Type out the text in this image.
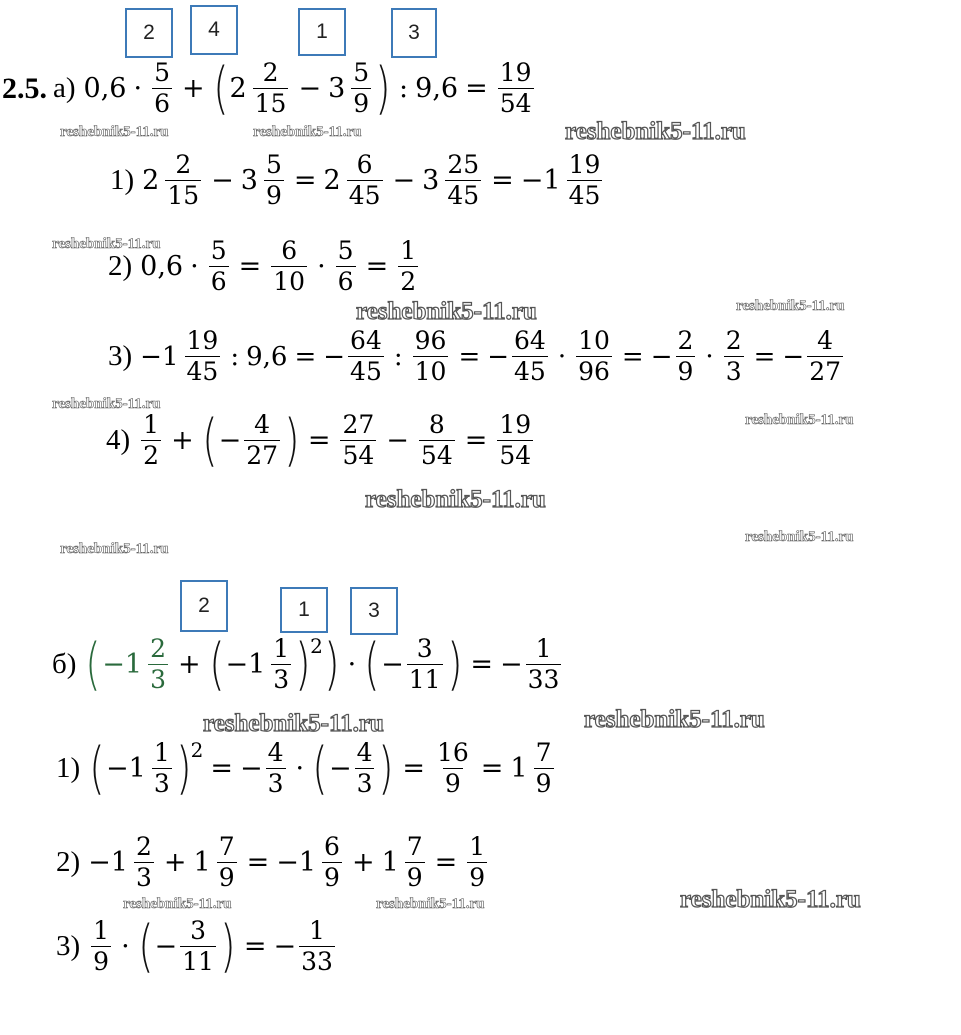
2	4	1	3
2	1	3
2.5. а) $0,6 \cdot \frac{5}{6}$ + ( $2 \frac{2}{15} - 3 \frac{5}{9}$ ) : $9,6 = \frac{19}{54}$
1) $2 \frac{2}{15} - 3 \frac{5}{9} = 2 \frac{6}{45} - 3 \frac{25}{45}$ = − $1 \frac{19}{45}$
2) $0,6 \cdot \frac{5}{6} = \frac{6}{10} \cdot \frac{5}{6} = \frac{1}{2}$
$3) - 1 \frac{19}{45}$ : 9,6 = − $\frac{64}{45}$ : $\frac{96}{10}$ = − $\frac{64}{45} \cdot \frac{10}{96}$ = − $\frac{2}{9} \cdot \frac{2}{3}$ = − $\frac{4}{27}$
$4) \frac{1}{2}$ + ( − $\frac{4}{27}$ ) = $\frac{27}{54} - \frac{8}{54} = \frac{19}{54}$
б) ( − $1 \frac{2}{3}$ + ( − $1 \frac{1}{3}$ ) 2 ) · ( − $\frac{3}{11}$ ) = − $\frac{1}{33}$
1) ( − $1 \frac{1}{3}$ ) 2
= − $\frac{4}{3}$ · ( − $\frac{4}{3}$ ) = $\frac{16}{9} = 1 \frac{7}{9}$
$2) - 1 \frac{2}{3} + 1 \frac{7}{9}$ = − $1 \frac{6}{9} + 1 \frac{7}{9} = \frac{1}{9}$
$3) \frac{1}{9}$ · ( − $\frac{3}{11}$ ) = − $\frac{1}{33}$
reshebnik5-11.ru	reshebnik5-11.ru	reshebnik5-11.ru
reshebnik5-11.ru
reshebnik5-11.ru	reshebnik5-11.ru
reshebnik5-11.ru
reshebnik5-11.ru
reshebnik5-11.ru
reshebnik5-11.ru
reshebnik5-11.ru
reshebnik5-11.ru	reshebnik5-11.ru
reshebnik5-11.ru	reshebnik5-11.ru	reshebnik5-11.ru
